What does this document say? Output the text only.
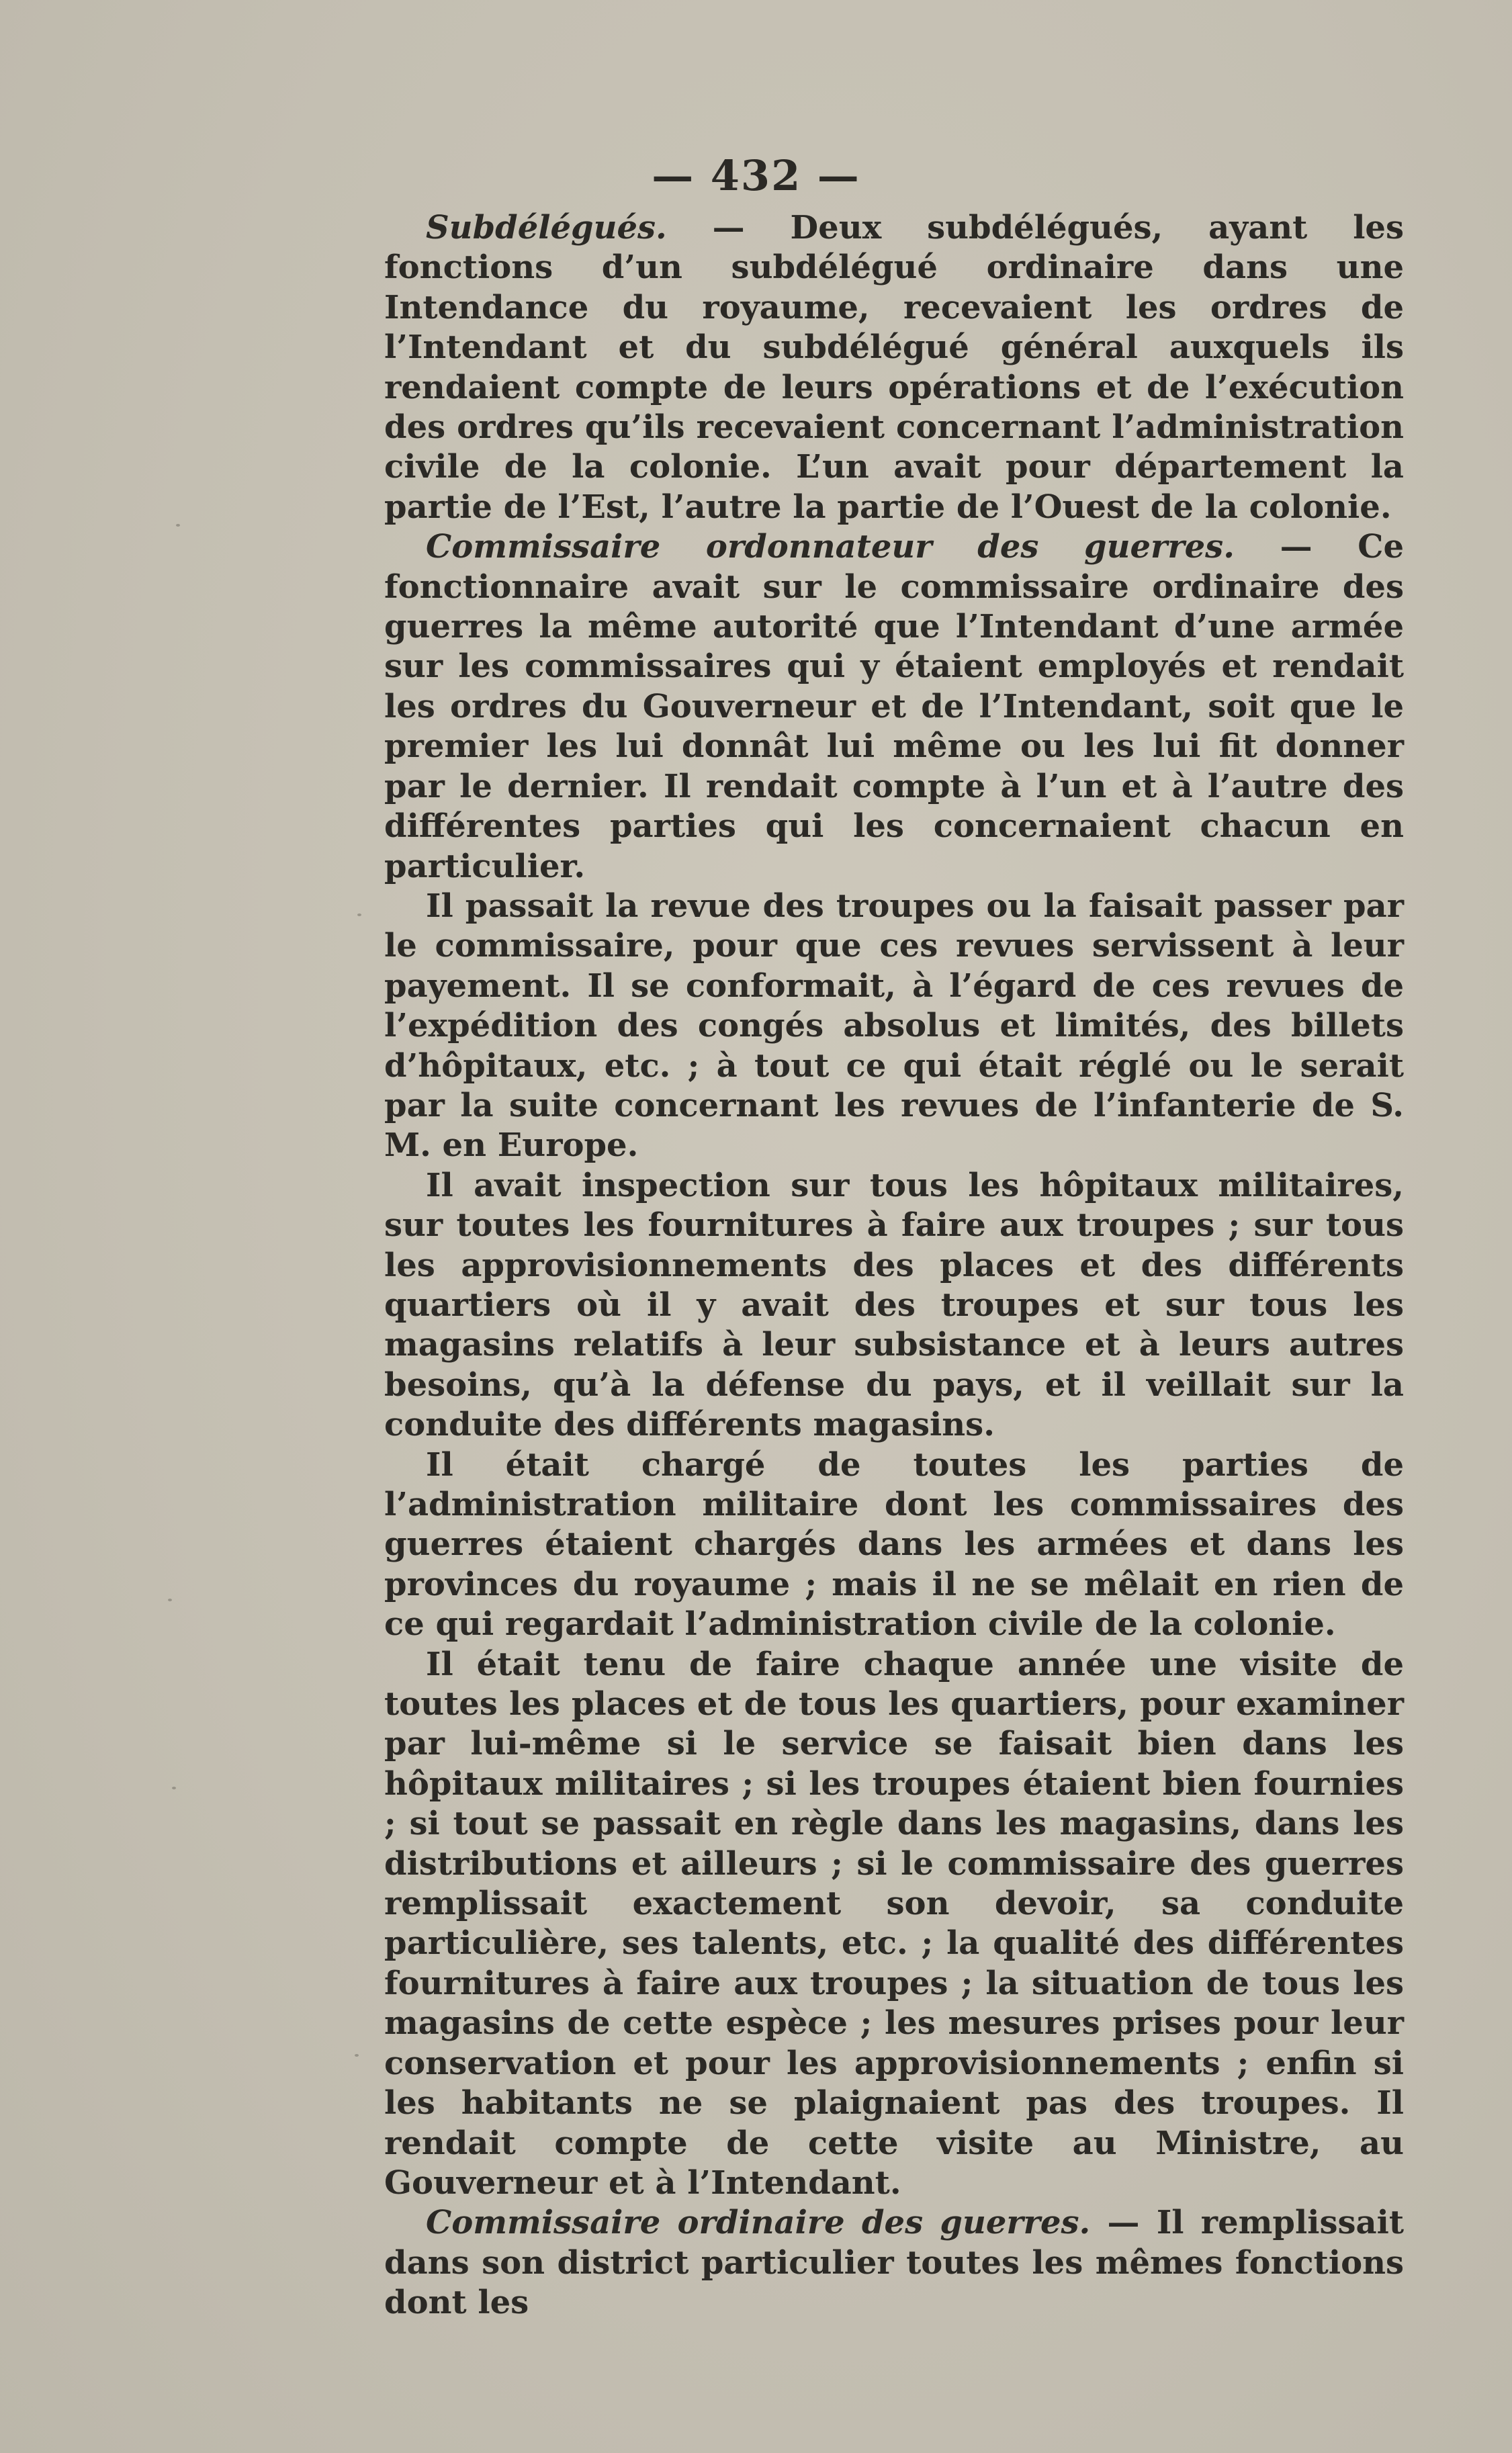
— 432 —

Subdélégués. — Deux subdélégués, ayant les fonctions d’un subdélégué ordinaire dans une Intendance du royaume, recevaient les ordres de l’Intendant et du subdélégué général auxquels ils rendaient compte de leurs opérations et de l’exécution des ordres qu’ils recevaient concernant l’administration civile de la colonie. L’un avait pour département la partie de l’Est, l’autre la partie de l’Ouest de la colonie.

Commissaire ordonnateur des guerres. — Ce fonctionnaire avait sur le commissaire ordinaire des guerres la même autorité que l’Intendant d’une armée sur les commissaires qui y étaient employés et rendait les ordres du Gouverneur et de l’Intendant, soit que le premier les lui donnât lui même ou les lui fit donner par le dernier. Il rendait compte à l’un et à l’autre des différentes parties qui les concernaient chacun en particulier.

Il passait la revue des troupes ou la faisait passer par le commissaire, pour que ces revues servissent à leur payement. Il se conformait, à l’égard de ces revues de l’expédition des congés absolus et limités, des billets d’hôpitaux, etc. ; à tout ce qui était réglé ou le serait par la suite concernant les revues de l’infanterie de S. M. en Europe.

Il avait inspection sur tous les hôpitaux militaires, sur toutes les fournitures à faire aux troupes ; sur tous les approvisionnements des places et des différents quartiers où il y avait des troupes et sur tous les magasins relatifs à leur subsistance et à leurs autres besoins, qu’à la défense du pays, et il veillait sur la conduite des différents magasins.

Il était chargé de toutes les parties de l’administration militaire dont les commissaires des guerres étaient chargés dans les armées et dans les provinces du royaume ; mais il ne se mêlait en rien de ce qui regardait l’administration civile de la colonie.

Il était tenu de faire chaque année une visite de toutes les places et de tous les quartiers, pour examiner par lui-même si le service se faisait bien dans les hôpitaux militaires ; si les troupes étaient bien fournies ; si tout se passait en règle dans les magasins, dans les distributions et ailleurs ; si le commissaire des guerres remplissait exactement son devoir, sa conduite particulière, ses talents, etc. ; la qualité des différentes fournitures à faire aux troupes ; la situation de tous les magasins de cette espèce ; les mesures prises pour leur conservation et pour les approvisionnements ; enfin si les habitants ne se plaignaient pas des troupes. Il rendait compte de cette visite au Ministre, au Gouverneur et à l’Intendant.

Commissaire ordinaire des guerres. — Il remplissait dans son district particulier toutes les mêmes fonctions dont les
